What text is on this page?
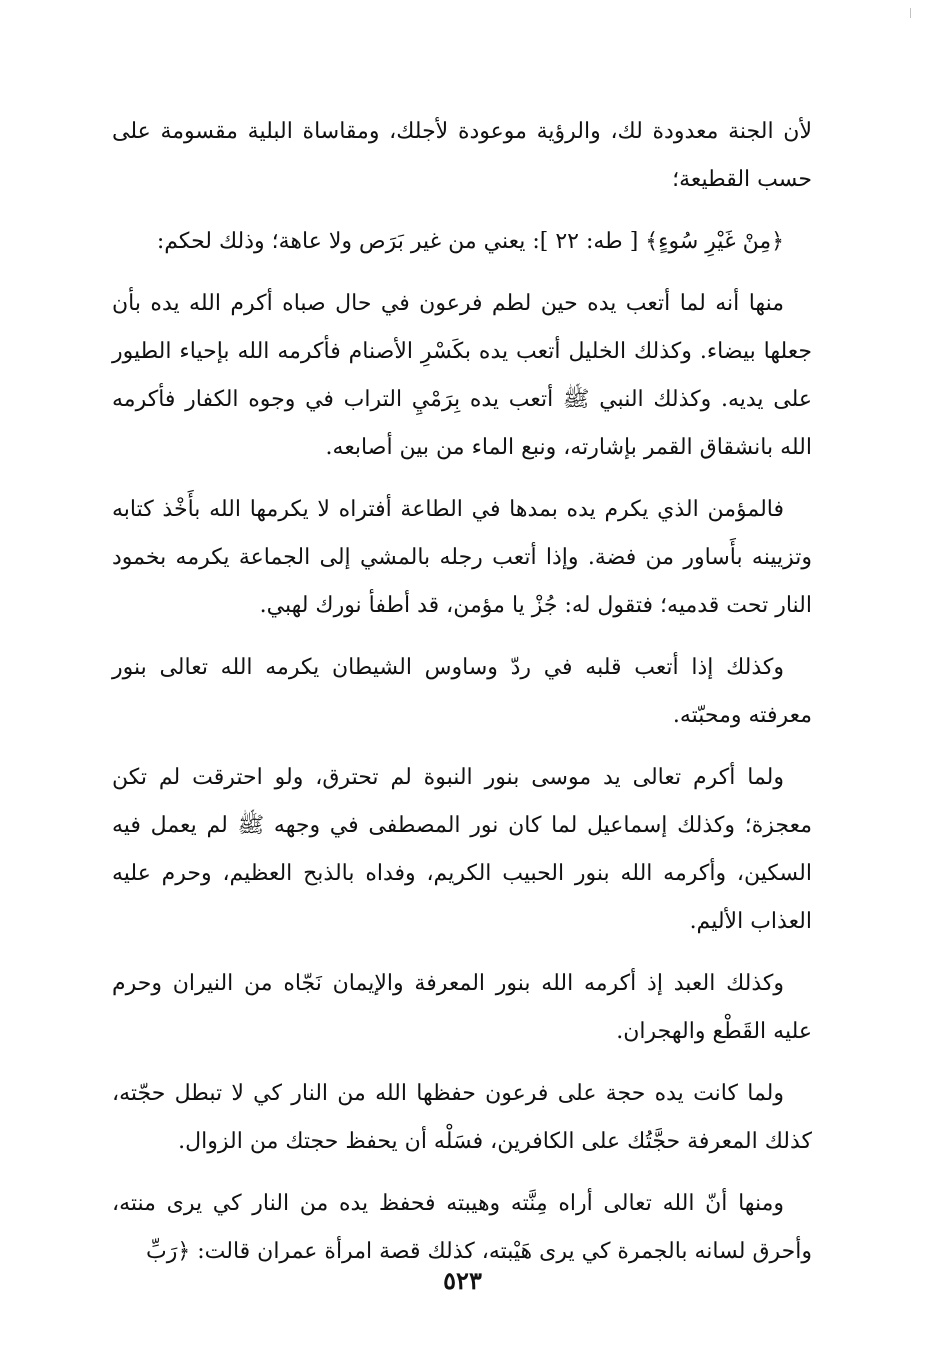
لأن الجنة معدودة لك، والرؤية موعودة لأجلك، ومقاساة البلية مقسومة على حسب القطيعة؛

﴿مِنْ غَيْرِ سُوءٍ﴾ [ طه: ٢٢ ]: يعني من غير بَرَص ولا عاهة؛ وذلك لحكم:

منها أنه لما أتعب يده حين لطم فرعون في حال صباه أكرم الله يده بأن جعلها بيضاء. وكذلك الخليل أتعب يده بكَسْرِ الأصنام فأكرمه الله بإحياء الطيور على يديه. وكذلك النبي ﷺ أتعب يده بِرَمْيِ التراب في وجوه الكفار فأكرمه الله بانشقاق القمر بإشارته، ونبع الماء من بين أصابعه.

فالمؤمن الذي يكرم يده بمدها في الطاعة أفتراه لا يكرمها الله بأَخْذ كتابه وتزيينه بأَساور من فضة. وإذا أتعب رجله بالمشي إلى الجماعة يكرمه بخمود النار تحت قدميه؛ فتقول له: جُزْ يا مؤمن، قد أطفأ نورك لهبي.

وكذلك إذا أتعب قلبه في ردّ وساوس الشيطان يكرمه الله تعالى بنور معرفته ومحبّته.

ولما أكرم تعالى يد موسى بنور النبوة لم تحترق، ولو احترقت لم تكن معجزة؛ وكذلك إسماعيل لما كان نور المصطفى في وجهه ﷺ لم يعمل فيه السكين، وأكرمه الله بنور الحبيب الكريم، وفداه بالذبح العظيم، وحرم عليه العذاب الأليم.

وكذلك العبد إذ أكرمه الله بنور المعرفة والإيمان نَجّاه من النيران وحرم عليه القَطْع والهجران.

ولما كانت يده حجة على فرعون حفظها الله من النار كي لا تبطل حجّته، كذلك المعرفة حجَّتُك على الكافرين، فسَلْه أن يحفظ حجتك من الزوال.

ومنها أنّ الله تعالى أراه مِنَّته وهيبته فحفظ يده من النار كي يرى منته، وأحرق لسانه بالجمرة كي يرى هَيْبته، كذلك قصة امرأة عمران قالت: ﴿رَبِّ

٥٢٣
